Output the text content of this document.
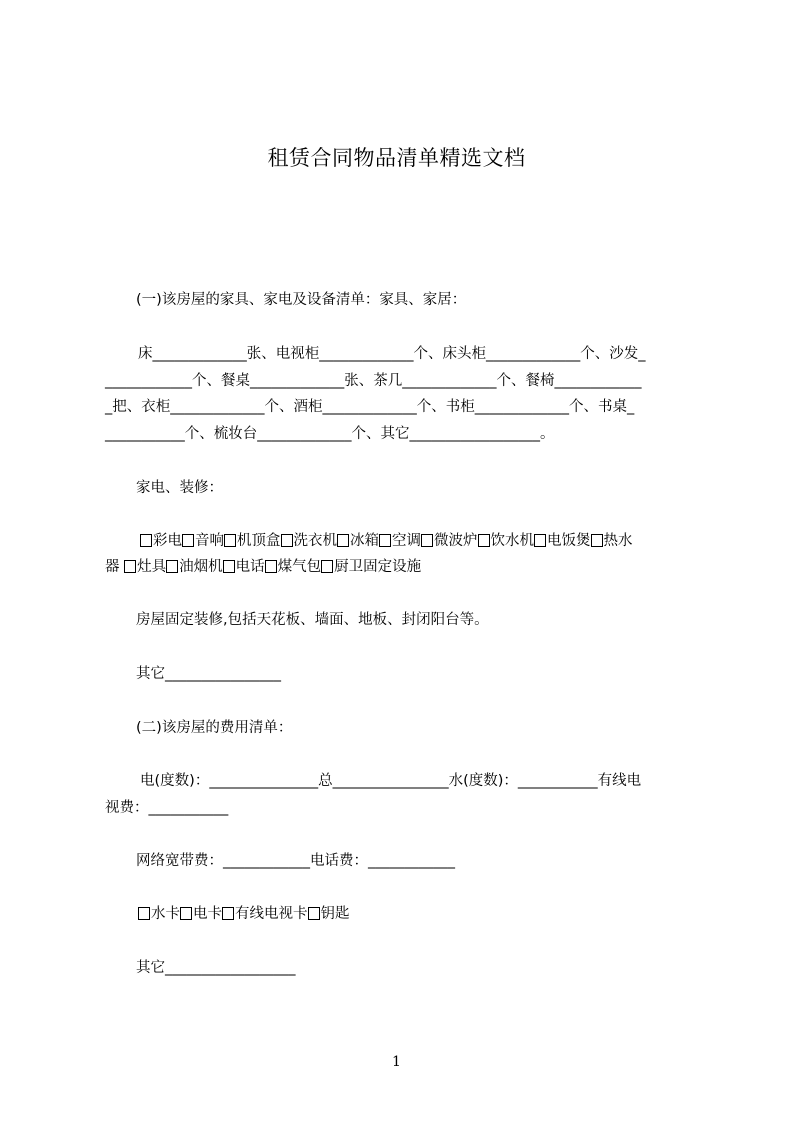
租赁合同物品清单精选文档

(一)该房屋的家具、家电及设备清单：家具、家居：

床_____________张、电视柜_____________个、床头柜_____________个、沙发_
____________个、餐桌_____________张、茶几_____________个、餐椅____________
_把、衣柜_____________个、酒柜_____________个、书柜_____________个、书桌_
___________个、梳妆台_____________个、其它__________________。

家电、装修：

彩电 音响 机顶盒 洗衣机 冰箱 空调 微波炉 饮水机 电饭煲 热水
器 灶具 油烟机 电话 煤气包 厨卫固定设施

房屋固定装修,包括天花板、墙面、地板、封闭阳台等。

其它________________

(二)该房屋的费用清单：

电(度数)：_______________总________________水(度数)：___________有线电
视费：___________

网络宽带费：____________电话费：____________

水卡 电卡 有线电视卡 钥匙

其它__________________

1
